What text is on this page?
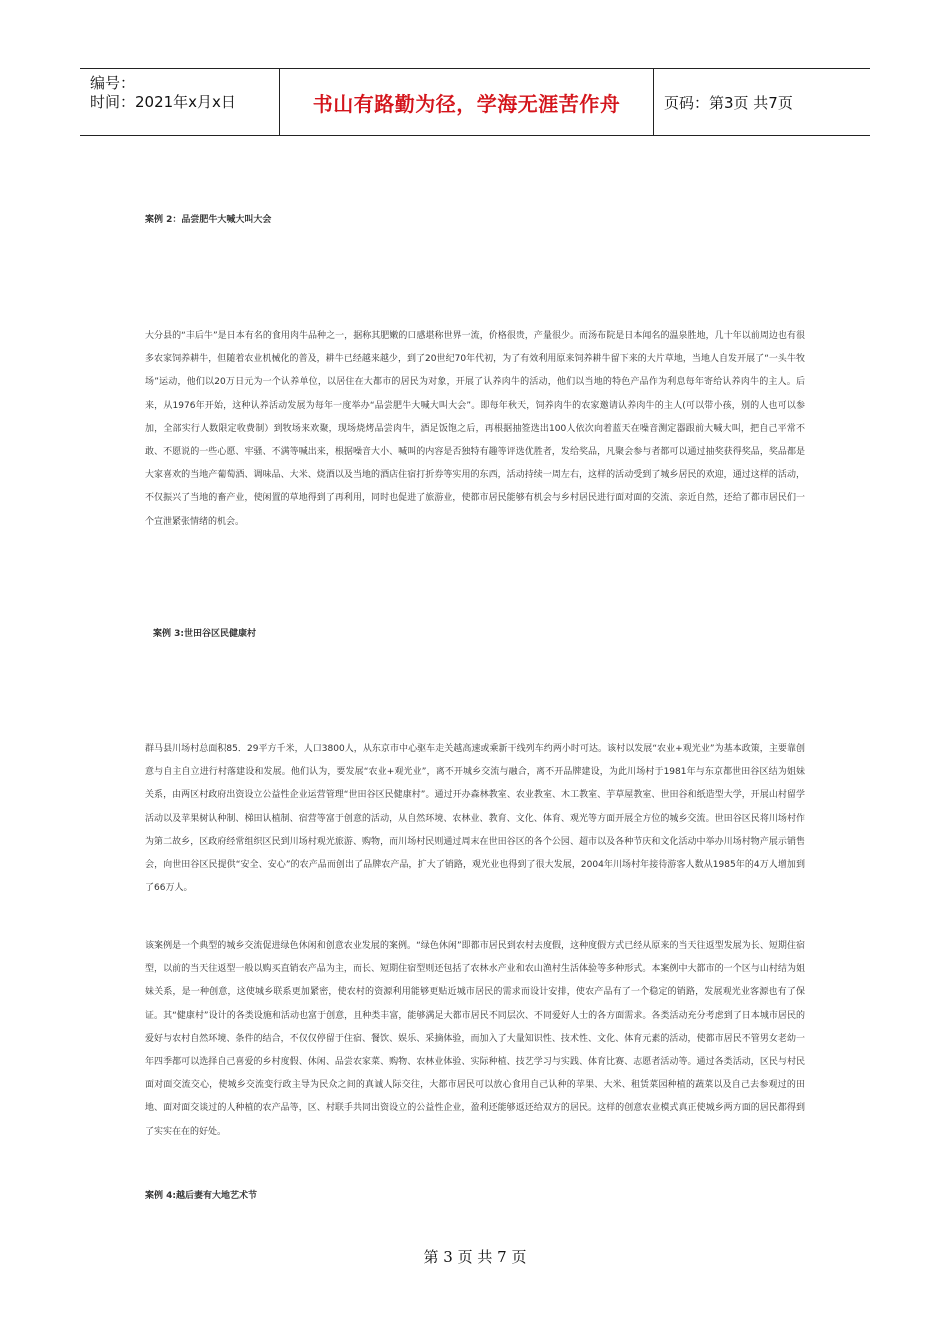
编号：
时间：2021年x月x日	书山有路勤为径，学海无涯苦作舟	页码：第3页 共7页
案例 2：品尝肥牛大喊大叫大会
大分县的“丰后牛”是日本有名的食用肉牛品种之一，据称其肥嫩的口感堪称世界一流，价格很贵，产量很少。而汤布院是日本闻名的温泉胜地，几十年以前周边也有很多农家饲养耕牛，但随着农业机械化的普及，耕牛已经越来越少，到了20世纪70年代初，为了有效利用原来饲养耕牛留下来的大片草地，当地人自发开展了“一头牛牧场”运动，他们以20万日元为一个认养单位，以居住在大都市的居民为对象，开展了认养肉牛的活动，他们以当地的特色产品作为利息每年寄给认养肉牛的主人。后来，从1976年开始，这种认养活动发展为每年一度举办“品尝肥牛大喊大叫大会”。即每年秋天，饲养肉牛的农家邀请认养肉牛的主人(可以带小孩，别的人也可以参加，全部实行人数限定收费制）到牧场来欢聚，现场烧烤品尝肉牛，酒足饭饱之后，再根据抽签选出100人依次向着蓝天在噪音测定器跟前大喊大叫，把自己平常不敢、不愿说的一些心愿、牢骚、不满等喊出来，根据噪音大小、喊叫的内容是否独特有趣等评选优胜者，发给奖品，凡聚会参与者都可以通过抽奖获得奖品，奖品都是大家喜欢的当地产葡萄酒、调味品、大米、烧酒以及当地的酒店住宿打折券等实用的东西，活动持续一周左右，这样的活动受到了城乡居民的欢迎，通过这样的活动，不仅振兴了当地的畜产业，使闲置的草地得到了再利用，同时也促进了旅游业，使都市居民能够有机会与乡村居民进行面对面的交流、亲近自然，还给了都市居民们一个宣泄紧张情绪的机会。
案例 3:世田谷区民健康村
群马县川场村总面积85．29平方千米，人口3800人，从东京市中心驱车走关越高速或乘新干线列车约两小时可达。该村以发展“农业+观光业”为基本政策，主要靠创意与自主自立进行村落建设和发展。他们认为，要发展“农业+观光业”，离不开城乡交流与融合，离不开品牌建设，为此川场村于1981年与东京都世田谷区结为姐妹关系，由两区村政府出资设立公益性企业运营管理“世田谷区民健康村”。通过开办森林教室、农业教室、木工教室、芋草屋教室、世田谷和纸造型大学，开展山村留学活动以及苹果树认种制、梯田认植制、宿营等富于创意的活动，从自然环境、农林业、教育、文化、体育、观光等方面开展全方位的城乡交流。世田谷区民将川场村作为第二故乡，区政府经常组织区民到川场村观光旅游、购物，而川场村民则通过周末在世田谷区的各个公园、超市以及各种节庆和文化活动中举办川场村物产展示销售会，向世田谷区民提供“安全、安心”的农产品而创出了品牌农产品，扩大了销路，观光业也得到了很大发展，2004年川场村年接待游客人数从1985年的4万人增加到了66万人。
该案例是一个典型的城乡交流促进绿色休闲和创意农业发展的案例。“绿色休闲”即都市居民到农村去度假，这种度假方式已经从原来的当天往返型发展为长、短期住宿型，以前的当天往返型一般以购买直销农产品为主，而长、短期住宿型则还包括了农林水产业和农山渔村生活体验等多种形式。本案例中大都市的一个区与山村结为姐妹关系，是一种创意，这使城乡联系更加紧密，使农村的资源利用能够更贴近城市居民的需求而设计安排，使农产品有了一个稳定的销路，发展观光业客源也有了保证。其“健康村”设计的各类设施和活动也富于创意，且种类丰富，能够满足大都市居民不同层次、不同爱好人士的各方面需求。各类活动充分考虑到了日本城市居民的爱好与农村自然环境、条件的结合，不仅仅停留于住宿、餐饮、娱乐、采摘体验，而加入了大量知识性、技术性、文化、体育元素的活动，使都市居民不管男女老幼一年四季都可以选择自己喜爱的乡村度假、休闲、品尝农家菜、购物、农林业体验、实际种植、技艺学习与实践、体育比赛、志愿者活动等。通过各类活动，区民与村民面对面交流交心，使城乡交流变行政主导为民众之间的真诚人际交往，大都市居民可以放心食用自己认种的苹果、大米、租赁菜园种植的蔬菜以及自己去参观过的田地、面对面交谈过的人种植的农产品等，区、村联手共同出资设立的公益性企业，盈利还能够返还给双方的居民。这样的创意农业模式真正使城乡两方面的居民都得到了实实在在的好处。
案例 4:越后妻有大地艺术节
第 3 页 共 7 页
